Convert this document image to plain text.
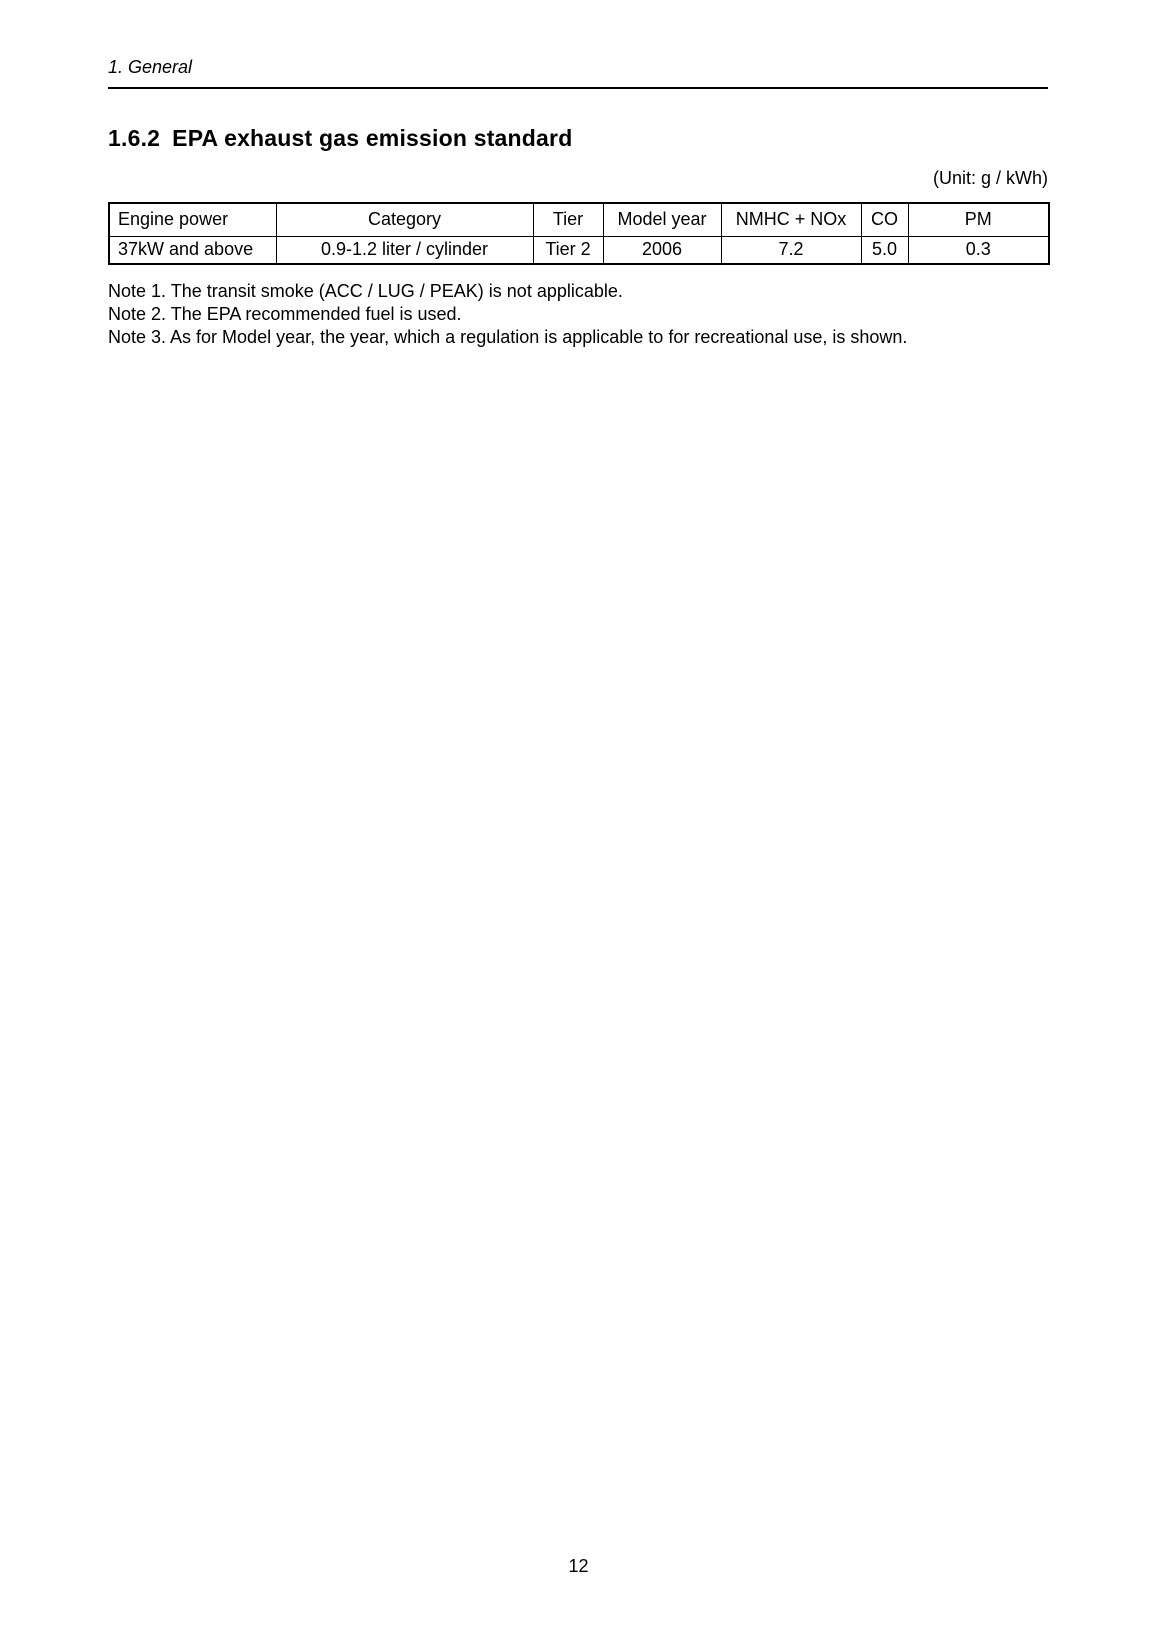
1. General
1.6.2 EPA exhaust gas emission standard
(Unit: g / kWh)
Engine power	Category	Tier	Model year	NMHC + NOx	CO	PM
37kW and above	0.9-1.2 liter / cylinder	Tier 2	2006	7.2	5.0	0.3
Note 1. The transit smoke (ACC / LUG / PEAK) is not applicable.
Note 2. The EPA recommended fuel is used.
Note 3. As for Model year, the year, which a regulation is applicable to for recreational use, is shown.
12
